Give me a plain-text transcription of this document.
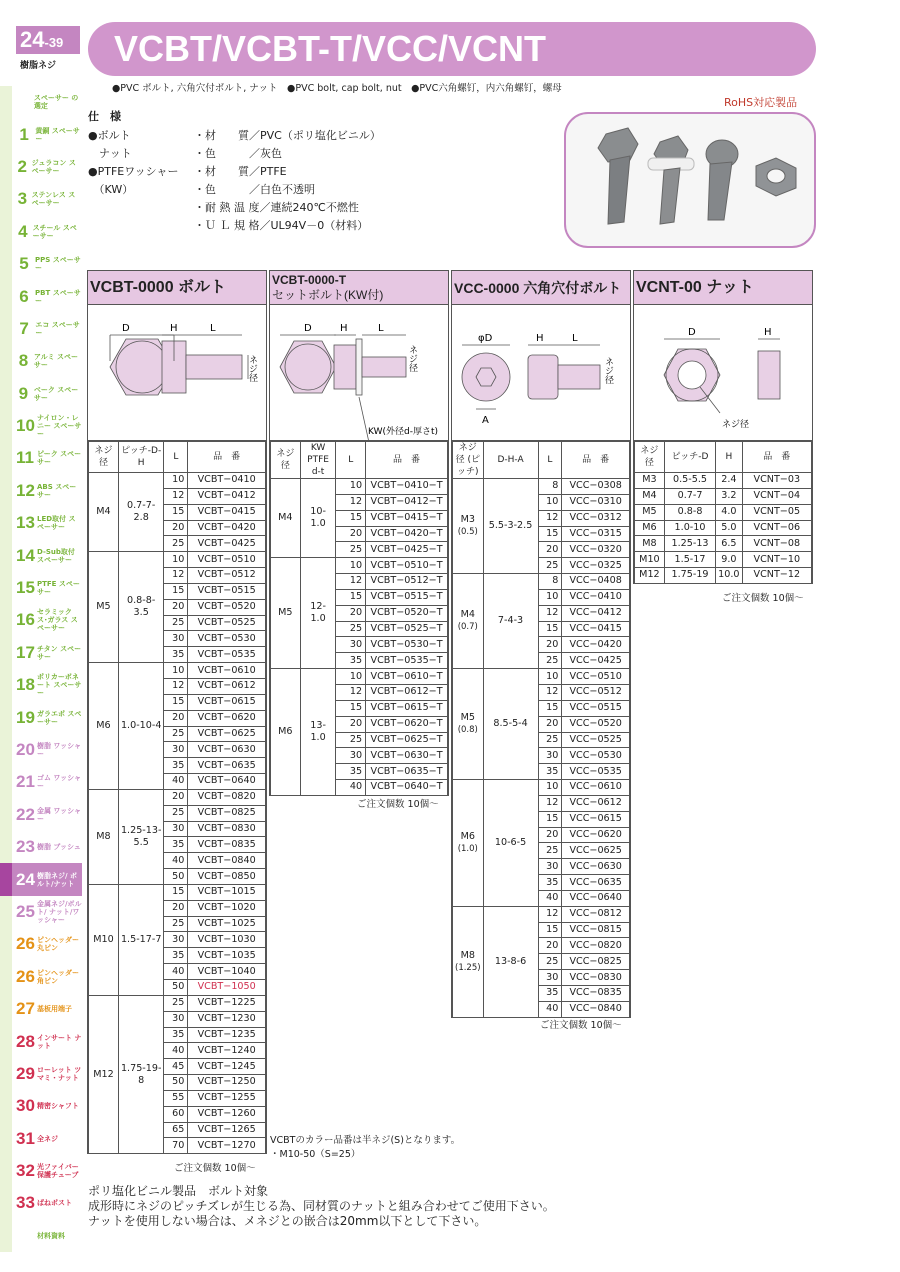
24-39
樹脂ネジ	VCBT/VCBT-T/VCC/VCNT
●PVC ボルト, 六角穴付ボルト, ナット　●PVC bolt, cap bolt, nut　●PVC六角螺钉，内六角螺钉，螺母
RoHS対応製品
スペーサー の選定
1 黄銅 スペーサー
2 ジュラコン スペーサー
3 ステンレス スペーサー
4 スチール スペーサー
5 PPS スペーサー
6 PBT スペーサー
7 エコ スペーサー
8 アルミ スペーサー
9 ベーク スペーサー
10 ナイロン・レニー スペーサー
11 ピーク スペーサー
12 ABS スペーサー
13 LED取付 スペーサー
14 D-Sub取付 スペーサー
15 PTFE スペーサー
16 セラミックス･ガラス スペーサー
17 チタン スペーサー
18 ポリカーボネート スペーサー
19 ガラエポ スペーサー
20 樹脂 ワッシャー
21 ゴム ワッシャー
22 金属 ワッシャー
23 樹脂 ブッシュ
24 樹脂ネジ/ ボルト/ナット
25 金属ネジ/ボルト/ ナット/ワッシャー
26 ピンヘッダー 丸ピン
26 ピンヘッダー 角ピン
27 基板用端子
28 インサート ナット
29 ローレット ツマミ・ナット
30 精密シャフト
31 全ネジ
32 光ファイバー 保護チューブ
33 ばねポスト
材料資料
仕　様
●ボルト	・材　　質／PVC（ポリ塩化ビニル）
　ナット	・色　　　／灰色
●PTFEワッシャー	・材　　質／PTFE
　（KW）	・色　　　／白色不透明
・耐 熱 温 度／連続240℃不燃性
・Ｕ Ｌ 規 格／UL94V－0（材料）
VCBT-0000 ボルト
D	H	L
ネジ径
ネジ径	ピッチ-D-H	L	品　番

M4	0.7-7-2.8	10	VCBT−0410
		12	VCBT−0412
		15	VCBT−0415
		20	VCBT−0420
		25	VCBT−0425

M5	0.8-8-3.5	10	VCBT−0510
		12	VCBT−0512
		15	VCBT−0515
		20	VCBT−0520
		25	VCBT−0525
		30	VCBT−0530
		35	VCBT−0535

M6	1.0-10-4	10	VCBT−0610
		12	VCBT−0612
		15	VCBT−0615
		20	VCBT−0620
		25	VCBT−0625
		30	VCBT−0630
		35	VCBT−0635
		40	VCBT−0640

M8	1.25-13-5.5	20	VCBT−0820
		25	VCBT−0825
		30	VCBT−0830
		35	VCBT−0835
		40	VCBT−0840
		50	VCBT−0850

M10	1.5-17-7	15	VCBT−1015
		20	VCBT−1020
		25	VCBT−1025
		30	VCBT−1030
		35	VCBT−1035
		40	VCBT−1040
		50	VCBT−1050

M12	1.75-19-8	25	VCBT−1225
		30	VCBT−1230
		35	VCBT−1235
		40	VCBT−1240
		45	VCBT−1245
		50	VCBT−1250
		55	VCBT−1255
		60	VCBT−1260
		65	VCBT−1265
		70	VCBT−1270
ご注文個数 10個～
VCBTのカラー品番は半ネジ(S)となります。
・M10-50（S=25）
VCBT-0000-T
セットボルト(KW付)
D	H	L
ネジ径
KW(外径d-厚さt)
ネジ径	KW PTFE d-t	L	品　番

M4	10-1.0	10	VCBT−0410−T
		12	VCBT−0412−T
		15	VCBT−0415−T
		20	VCBT−0420−T
		25	VCBT−0425−T

M5	12-1.0	10	VCBT−0510−T
		12	VCBT−0512−T
		15	VCBT−0515−T
		20	VCBT−0520−T
		25	VCBT−0525−T
		30	VCBT−0530−T
		35	VCBT−0535−T

M6	13-1.0	10	VCBT−0610−T
		12	VCBT−0612−T
		15	VCBT−0615−T
		20	VCBT−0620−T
		25	VCBT−0625−T
		30	VCBT−0630−T
		35	VCBT−0635−T
		40	VCBT−0640−T
ご注文個数 10個～
VCC-0000 六角穴付ボルト
φD	H	L
ネジ径
A
ネジ径 (ピッチ)	D-H-A	L	品　番

M3
(0.5)	5.5-3-2.5	8	VCC−0308
		10	VCC−0310
		12	VCC−0312
		15	VCC−0315
		20	VCC−0320
		25	VCC−0325

M4
(0.7)	7-4-3	8	VCC−0408
		10	VCC−0410
		12	VCC−0412
		15	VCC−0415
		20	VCC−0420
		25	VCC−0425

M5
(0.8)	8.5-5-4	10	VCC−0510
		12	VCC−0512
		15	VCC−0515
		20	VCC−0520
		25	VCC−0525
		30	VCC−0530
		35	VCC−0535

M6
(1.0)	10-6-5	10	VCC−0610
		12	VCC−0612
		15	VCC−0615
		20	VCC−0620
		25	VCC−0625
		30	VCC−0630
		35	VCC−0635
		40	VCC−0640

M8
(1.25)	13-8-6	12	VCC−0812
		15	VCC−0815
		20	VCC−0820
		25	VCC−0825
		30	VCC−0830
		35	VCC−0835
		40	VCC−0840
ご注文個数 10個～
VCNT-00 ナット
D	H
ネジ径
ネジ径	ピッチ-D	H	品　番
M3	0.5-5.5	2.4	VCNT−03
M4	0.7-7	3.2	VCNT−04
M5	0.8-8	4.0	VCNT−05
M6	1.0-10	5.0	VCNT−06
M8	1.25-13	6.5	VCNT−08
M10	1.5-17	9.0	VCNT−10
M12	1.75-19	10.0	VCNT−12
ご注文個数 10個～
ポリ塩化ビニル製品　ボルト対象
成形時にネジのピッチズレが生じる為、同材質のナットと組み合わせてご使用下さい。
ナットを使用しない場合は、メネジとの嵌合は20mm以下として下さい。
